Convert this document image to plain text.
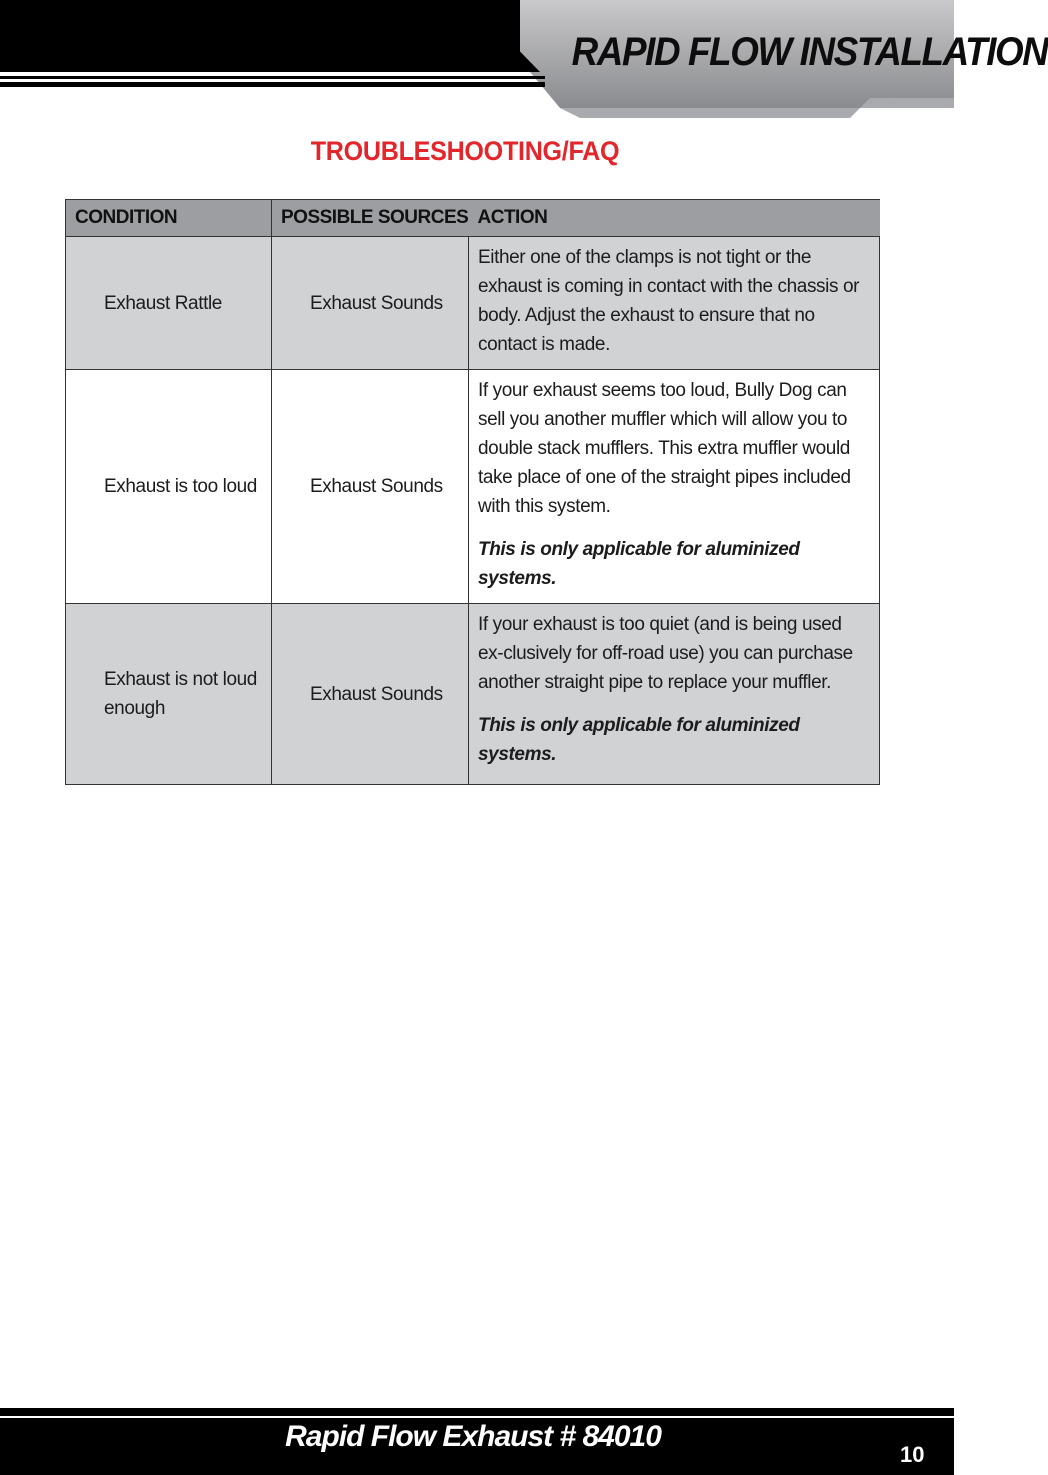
RAPID FLOW INSTALLATION
TROUBLESHOOTING/FAQ
CONDITION	POSSIBLE SOURCES	ACTION
Exhaust Rattle	Exhaust Sounds	Either one of the clamps is not tight or the exhaust is coming in contact with the chassis or body. Adjust the exhaust to ensure that no contact is made.

Exhaust is too loud	Exhaust Sounds	If your exhaust seems too loud, Bully Dog can sell you another muffler which will allow you to double stack mufflers. This extra muffler would take place of one of the straight pipes included with this system.

This is only applicable for aluminized systems.

Exhaust is not loud enough	Exhaust Sounds	If your exhaust is too quiet (and is being used ex-clusively for off-road use) you can purchase another straight pipe to replace your muffler.

This is only applicable for aluminized systems.

Rapid Flow Exhaust # 84010
10
